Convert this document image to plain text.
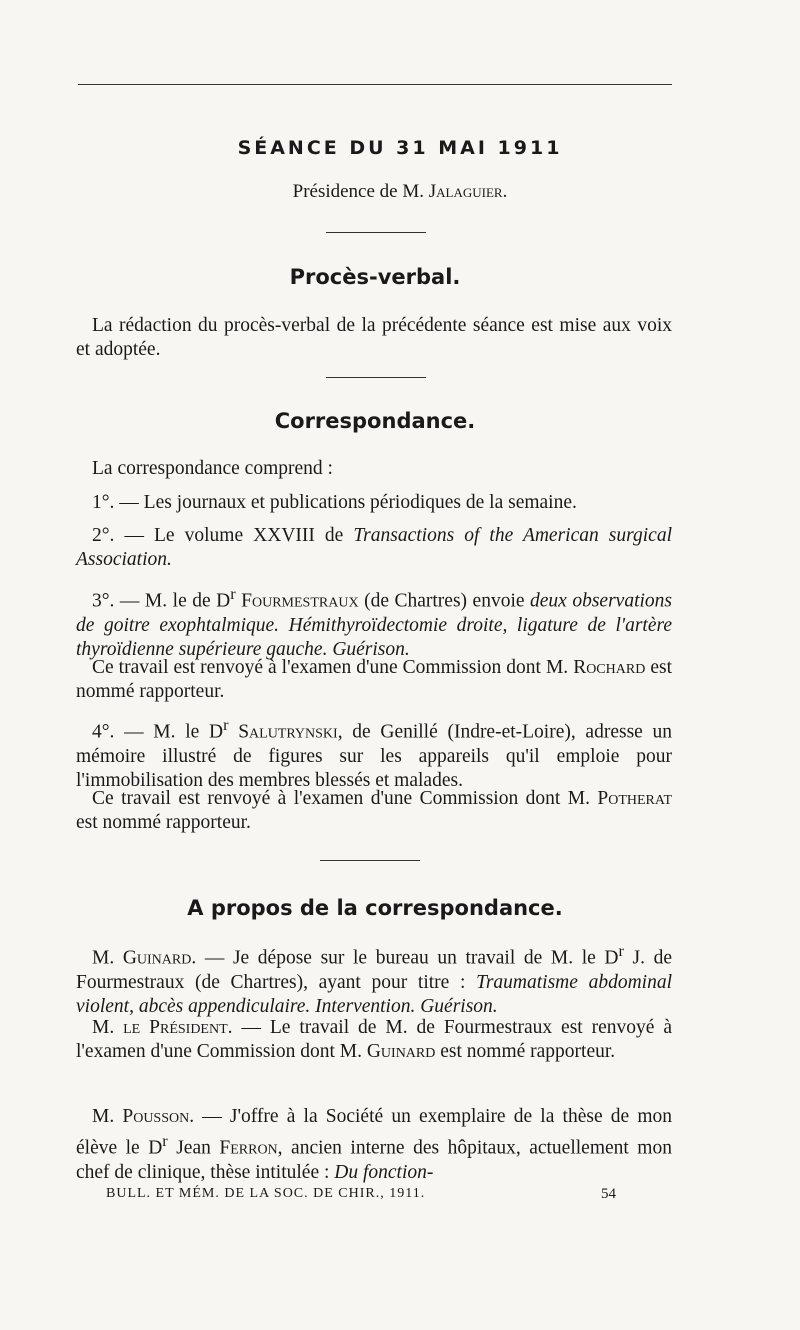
SÉANCE DU 31 MAI 1911
Présidence de M. Jalaguier.
Procès-verbal.
La rédaction du procès-verbal de la précédente séance est mise aux voix et adoptée.
Correspondance.
La correspondance comprend :
1°. — Les journaux et publications périodiques de la semaine.
2°. — Le volume XXVIII de Transactions of the American surgical Association.
3°. — M. le de $D^r$ Fourmestraux (de Chartres) envoie deux observations de goitre exophtalmique. Hémithyroïdectomie droite, ligature de l'artère thyroïdienne supérieure gauche. Guérison.
Ce travail est renvoyé à l'examen d'une Commission dont M. Rochard est nommé rapporteur.
4°. — M. le $D^r$ Salutrynski, de Genillé (Indre-et-Loire), adresse un mémoire illustré de figures sur les appareils qu'il emploie pour l'immobilisation des membres blessés et malades.
Ce travail est renvoyé à l'examen d'une Commission dont M. Potherat est nommé rapporteur.
A propos de la correspondance.
M. Guinard. — Je dépose sur le bureau un travail de M. le $D^r$ J. de Fourmestraux (de Chartres), ayant pour titre : Traumatisme abdominal violent, abcès appendiculaire. Intervention. Guérison.
M. le Président. — Le travail de M. de Fourmestraux est renvoyé à l'examen d'une Commission dont M. Guinard est nommé rapporteur.
M. Pousson. — J'offre à la Société un exemplaire de la thèse de mon élève le $D^r$ Jean Ferron, ancien interne des hôpitaux, actuellement mon chef de clinique, thèse intitulée : Du fonction-
BULL. ET MÉM. DE LA SOC. DE CHIR., 1911.	54
